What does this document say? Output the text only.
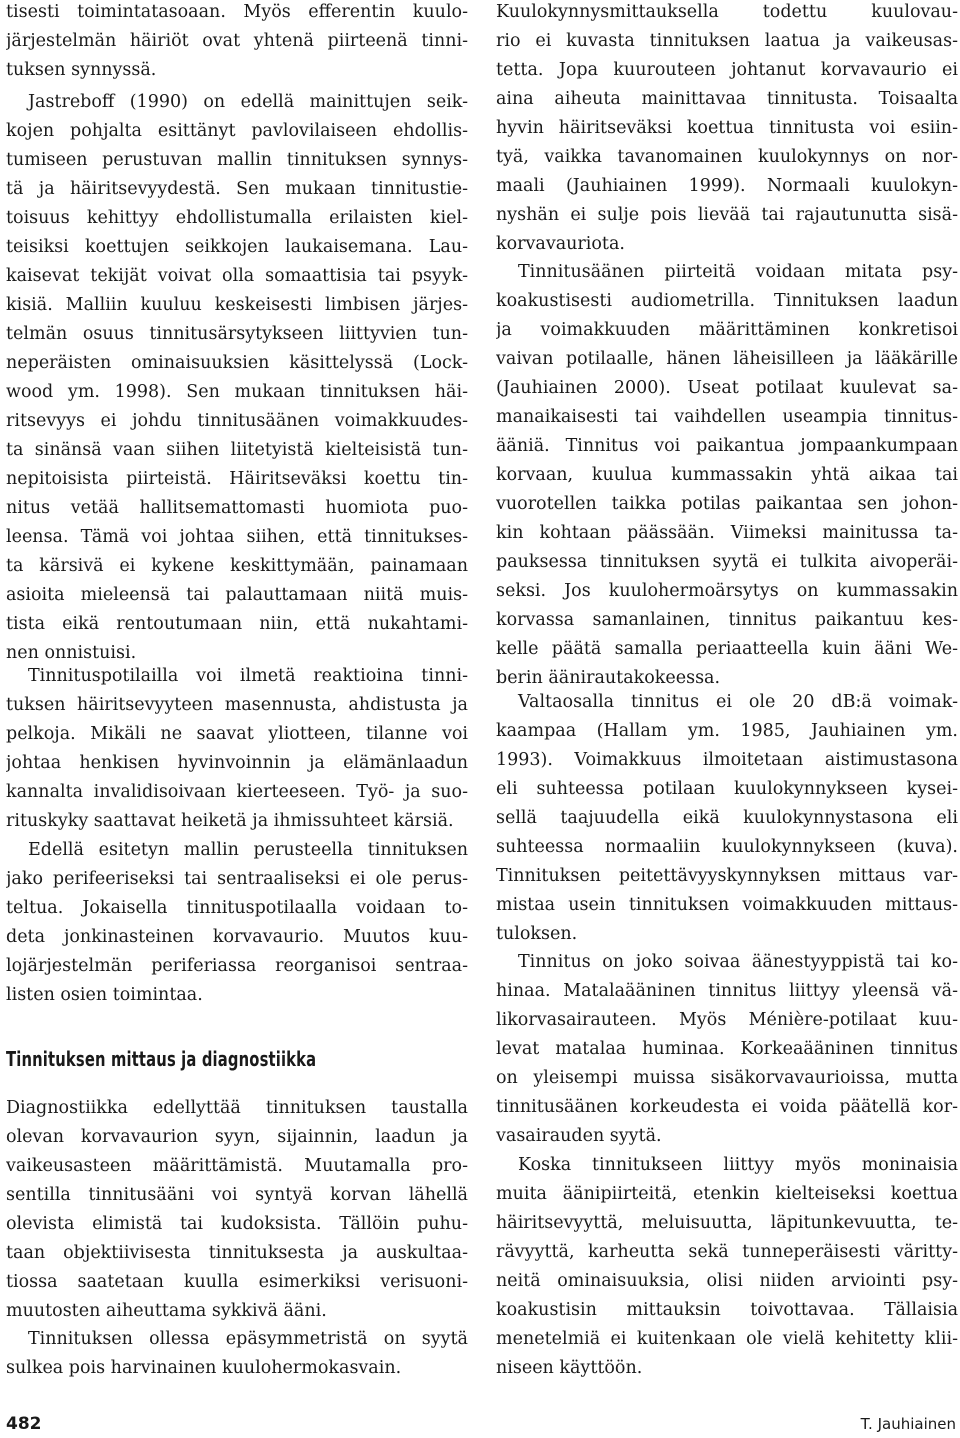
tisesti toimintatasoaan. Myös efferentin kuulo-
järjestelmän häiriöt ovat yhtenä piirteenä tinni-
tuksen synnyssä.
Jastreboff (1990) on edellä mainittujen seik-
kojen pohjalta esittänyt pavlovilaiseen ehdollis-
tumiseen perustuvan mallin tinnituksen synnys-
tä ja häiritsevyydestä. Sen mukaan tinnitustie-
toisuus kehittyy ehdollistumalla erilaisten kiel-
teisiksi koettujen seikkojen laukaisemana. Lau-
kaisevat tekijät voivat olla somaattisia tai psyyk-
kisiä. Malliin kuuluu keskeisesti limbisen järjes-
telmän osuus tinnitusärsytykseen liittyvien tun-
neperäisten ominaisuuksien käsittelyssä (Lock-
wood ym. 1998). Sen mukaan tinnituksen häi-
ritsevyys ei johdu tinnitusäänen voimakkuudes-
ta sinänsä vaan siihen liitetyistä kielteisistä tun-
nepitoisista piirteistä. Häiritseväksi koettu tin-
nitus vetää hallitsemattomasti huomiota puo-
leensa. Tämä voi johtaa siihen, että tinnitukses-
ta kärsivä ei kykene keskittymään, painamaan
asioita mieleensä tai palauttamaan niitä muis-
tista eikä rentoutumaan niin, että nukahtami-
nen onnistuisi.
Tinnituspotilailla voi ilmetä reaktioina tinni-
tuksen häiritsevyyteen masennusta, ahdistusta ja
pelkoja. Mikäli ne saavat yliotteen, tilanne voi
johtaa henkisen hyvinvoinnin ja elämänlaadun
kannalta invalidisoivaan kierteeseen. Työ- ja suo-
rituskyky saattavat heiketä ja ihmissuhteet kärsiä.
Edellä esitetyn mallin perusteella tinnituksen
jako perifeeriseksi tai sentraaliseksi ei ole perus-
teltua. Jokaisella tinnituspotilaalla voidaan to-
deta jonkinasteinen korvavaurio. Muutos kuu-
lojärjestelmän periferiassa reorganisoi sentraa-
listen osien toimintaa.
Diagnostiikka edellyttää tinnituksen taustalla
olevan korvavaurion syyn, sijainnin, laadun ja
vaikeusasteen määrittämistä. Muutamalla pro-
sentilla tinnitusääni voi syntyä korvan lähellä
olevista elimistä tai kudoksista. Tällöin puhu-
taan objektiivisesta tinnituksesta ja auskultaa-
tiossa saatetaan kuulla esimerkiksi verisuoni-
muutosten aiheuttama sykkivä ääni.
Tinnituksen ollessa epäsymmetristä on syytä
sulkea pois harvinainen kuulohermokasvain.
Tinnituksen mittaus ja diagnostiikka
Kuulokynnysmittauksella todettu kuulovau-
rio ei kuvasta tinnituksen laatua ja vaikeusas-
tetta. Jopa kuurouteen johtanut korvavaurio ei
aina aiheuta mainittavaa tinnitusta. Toisaalta
hyvin häiritseväksi koettua tinnitusta voi esiin-
tyä, vaikka tavanomainen kuulokynnys on nor-
maali (Jauhiainen 1999). Normaali kuulokyn-
nyshän ei sulje pois lievää tai rajautunutta sisä-
korvavauriota.
Tinnitusäänen piirteitä voidaan mitata psy-
koakustisesti audiometrilla. Tinnituksen laadun
ja voimakkuuden määrittäminen konkretisoi
vaivan potilaalle, hänen läheisilleen ja lääkärille
(Jauhiainen 2000). Useat potilaat kuulevat sa-
manaikaisesti tai vaihdellen useampia tinnitus-
ääniä. Tinnitus voi paikantua jompaankumpaan
korvaan, kuulua kummassakin yhtä aikaa tai
vuorotellen taikka potilas paikantaa sen johon-
kin kohtaan päässään. Viimeksi mainitussa ta-
pauksessa tinnituksen syytä ei tulkita aivoperäi-
seksi. Jos kuulohermoärsytys on kummassakin
korvassa samanlainen, tinnitus paikantuu kes-
kelle päätä samalla periaatteella kuin ääni We-
berin äänirautakokeessa.
Valtaosalla tinnitus ei ole 20 dB:ä voimak-
kaampaa (Hallam ym. 1985, Jauhiainen ym.
1993). Voimakkuus ilmoitetaan aistimustasona
eli suhteessa potilaan kuulokynnykseen kysei-
sellä taajuudella eikä kuulokynnystasona eli
suhteessa normaaliin kuulokynnykseen (kuva).
Tinnituksen peitettävyyskynnyksen mittaus var-
mistaa usein tinnituksen voimakkuuden mittaus-
tuloksen.
Tinnitus on joko soivaa äänestyyppistä tai ko-
hinaa. Matalaääninen tinnitus liittyy yleensä vä-
likorvasairauteen. Myös Ménière-potilaat kuu-
levat matalaa huminaa. Korkeaääninen tinnitus
on yleisempi muissa sisäkorvavaurioissa, mutta
tinnitusäänen korkeudesta ei voida päätellä kor-
vasairauden syytä.
Koska tinnitukseen liittyy myös moninaisia
muita äänipiirteitä, etenkin kielteiseksi koettua
häiritsevyyttä, meluisuutta, läpitunkevuutta, te-
rävyyttä, karheutta sekä tunneperäisesti väritty-
neitä ominaisuuksia, olisi niiden arviointi psy-
koakustisin mittauksin toivottavaa. Tällaisia
menetelmiä ei kuitenkaan ole vielä kehitetty klii-
niseen käyttöön.
482	T. Jauhiainen
